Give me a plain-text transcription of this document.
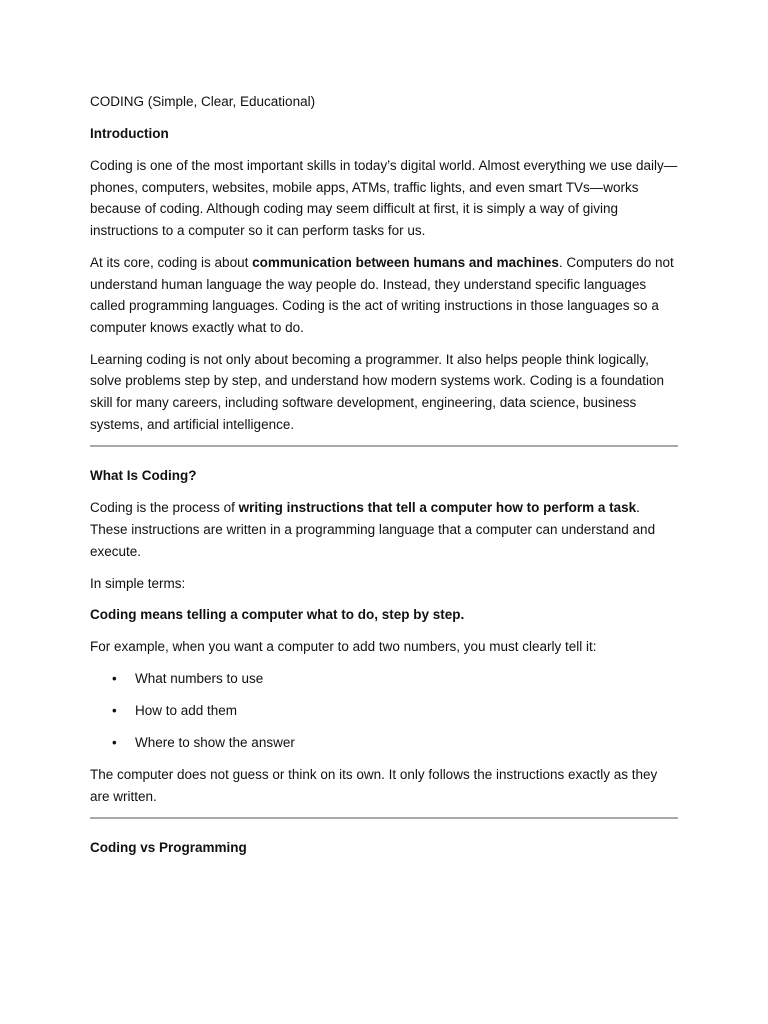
CODING (Simple, Clear, Educational)
Introduction

Coding is one of the most important skills in today’s digital world. Almost everything we use daily—phones, computers, websites, mobile apps, ATMs, traffic lights, and even smart TVs—works because of coding. Although coding may seem difficult at first, it is simply a way of giving instructions to a computer so it can perform tasks for us.

At its core, coding is about communication between humans and machines. Computers do not understand human language the way people do. Instead, they understand specific languages called programming languages. Coding is the act of writing instructions in those languages so a computer knows exactly what to do.

Learning coding is not only about becoming a programmer. It also helps people think logically, solve problems step by step, and understand how modern systems work. Coding is a foundation skill for many careers, including software development, engineering, data science, business systems, and artificial intelligence.

What Is Coding?

Coding is the process of writing instructions that tell a computer how to perform a task. These instructions are written in a programming language that a computer can understand and execute.

In simple terms:

Coding means telling a computer what to do, step by step.

For example, when you want a computer to add two numbers, you must clearly tell it:

• What numbers to use
• How to add them
• Where to show the answer

The computer does not guess or think on its own. It only follows the instructions exactly as they are written.

Coding vs Programming
